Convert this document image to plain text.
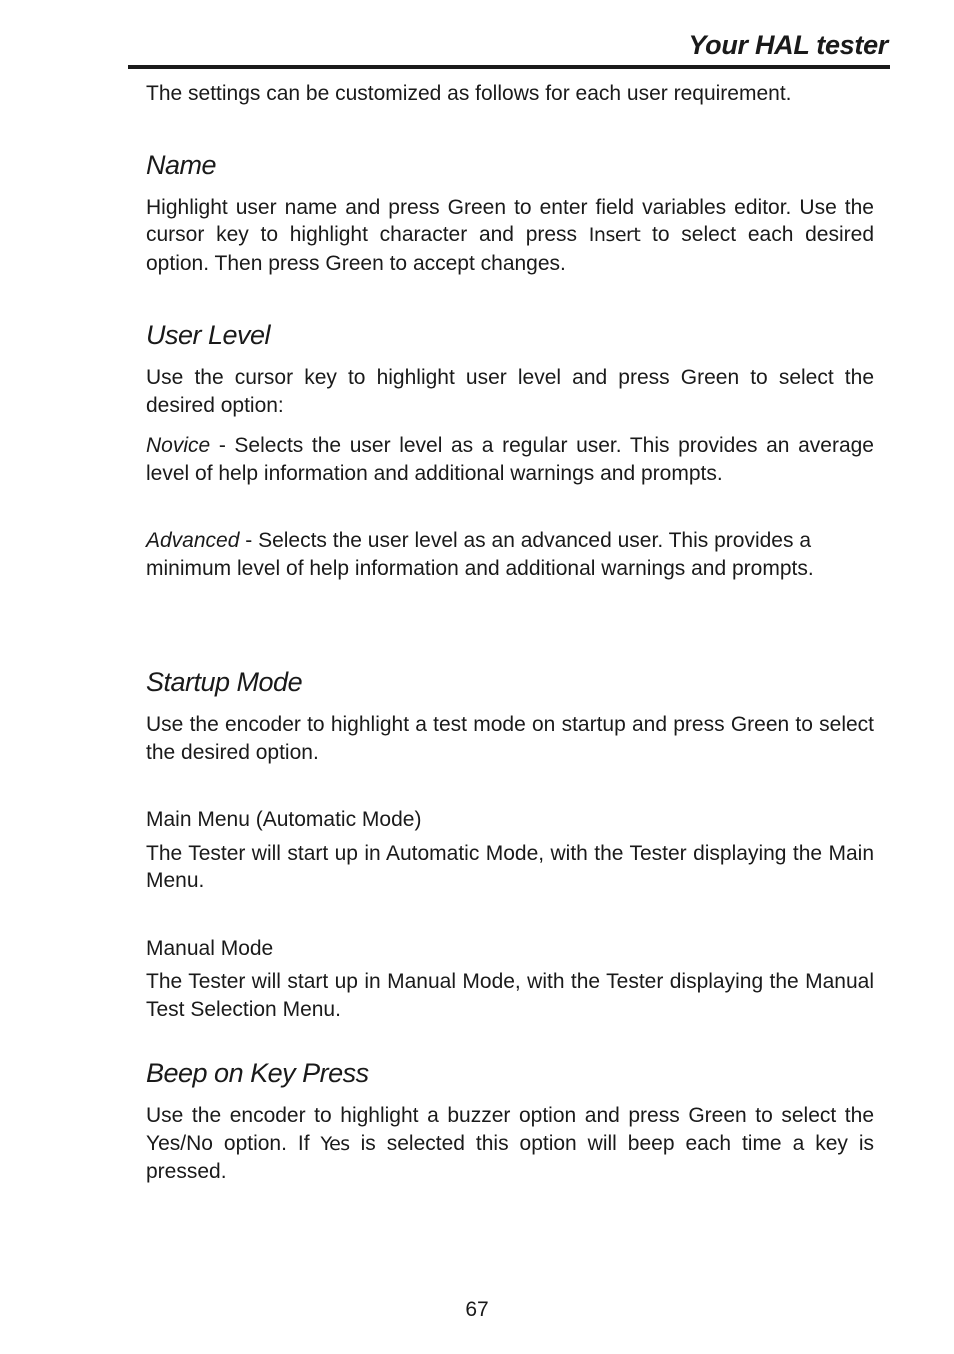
Your HAL tester

The settings can be customized as follows for each user requirement.

Name

Highlight user name and press Green to enter field variables editor. Use the cursor key to highlight character and press Insert to select each desired option. Then press Green to accept changes.

User Level

Use the cursor key to highlight user level and press Green to select the desired option:

Novice - Selects the user level as a regular user. This provides an average level of help information and additional warnings and prompts.

Advanced - Selects the user level as an advanced user. This provides a minimum level of help information and additional warnings and prompts.

Startup Mode

Use the encoder to highlight a test mode on startup and press Green to select the desired option.

Main Menu (Automatic Mode)

The Tester will start up in Automatic Mode, with the Tester displaying the Main Menu.

Manual Mode

The Tester will start up in Manual Mode, with the Tester displaying the Manual Test Selection Menu.

Beep on Key Press

Use the encoder to highlight a buzzer option and press Green to select the Yes/No option. If Yes is selected this option will beep each time a key is pressed.

67
